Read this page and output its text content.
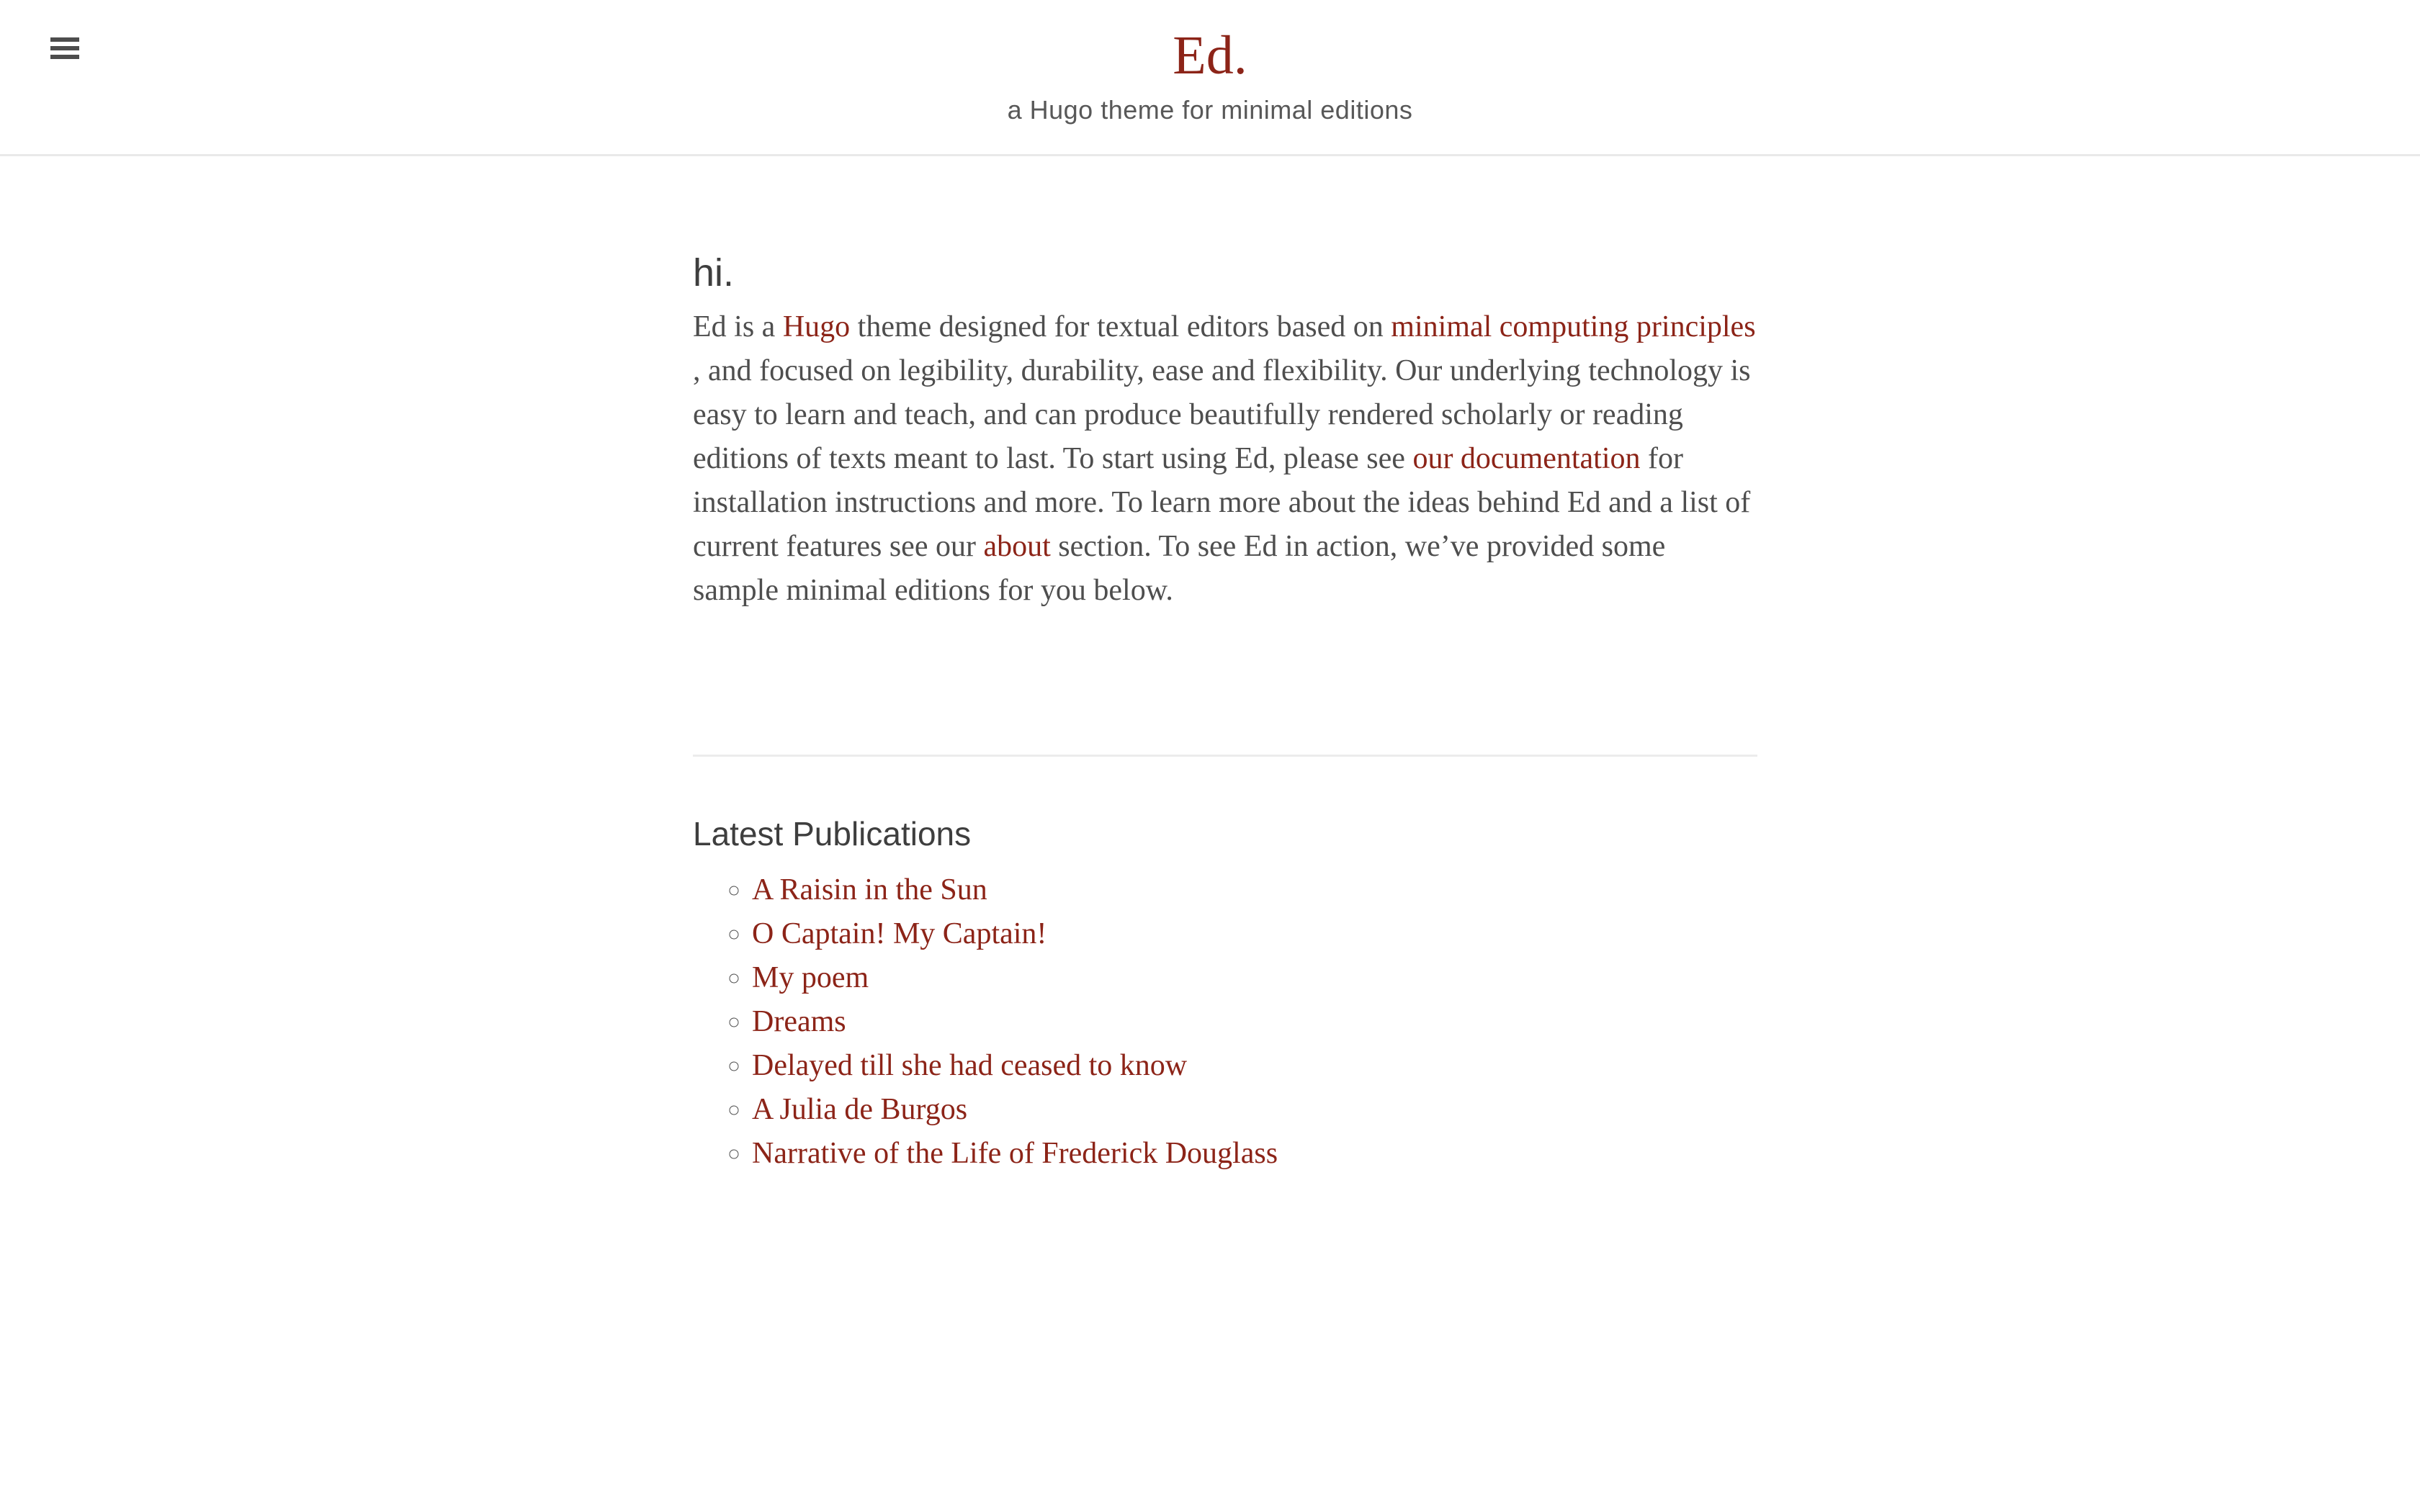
Ed.
a Hugo theme for minimal editions
hi.

Ed is a Hugo theme designed for textual editors based on minimal computing principles , and focused on legibility, durability, ease and flexibility. Our underlying technology is easy to learn and teach, and can produce beautifully rendered scholarly or reading editions of texts meant to last. To start using Ed, please see our documentation for installation instructions and more. To learn more about the ideas behind Ed and a list of current features see our about section. To see Ed in action, we’ve provided some sample minimal editions for you below.

Latest Publications
◦ A Raisin in the Sun
◦ O Captain! My Captain!
◦ My poem
◦ Dreams
◦ Delayed till she had ceased to know
◦ A Julia de Burgos
◦ Narrative of the Life of Frederick Douglass
